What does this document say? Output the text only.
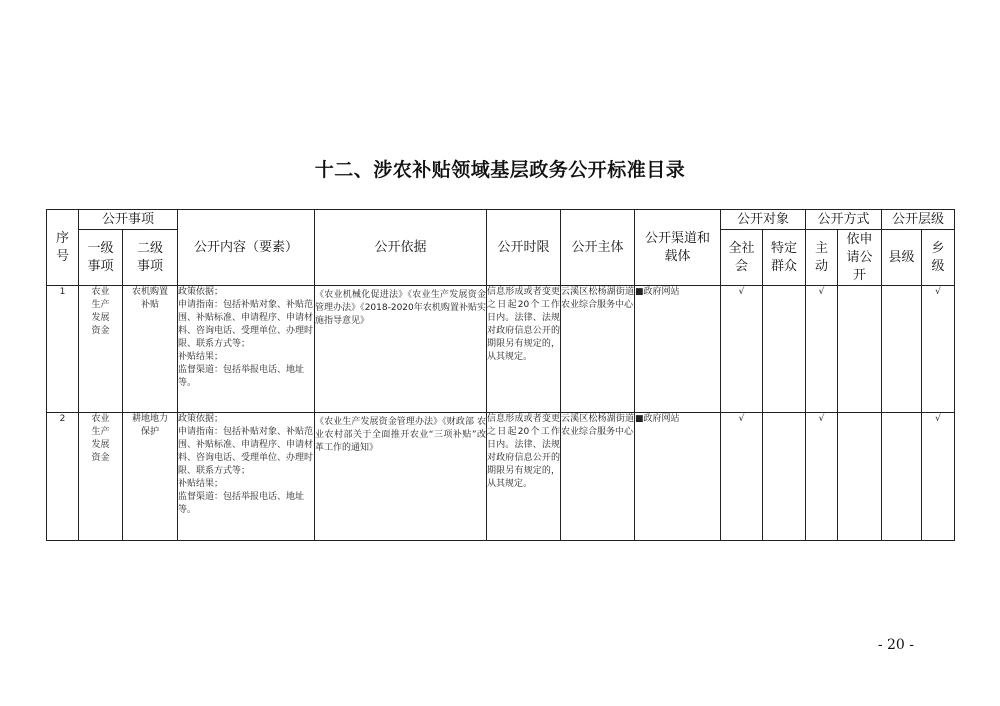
十二、涉农补贴领域基层政务公开标准目录
序号	公开事项		公开内容（要素）	公开依据	公开时限	公开主体	公开渠道和载体	公开对象		公开方式		公开层级	
	一级事项	二级事项						全社会	特定群众	主动	依申请公开	县级	乡级
1	农业生产发展资金	农机购置补贴	政策依据；
申请指南：包括补贴对象、补贴范围、补贴标准、申请程序、申请材料、咨询电话、受理单位、办理时限、联系方式等；
补贴结果；
监督渠道：包括举报电话、地址等。	《农业机械化促进法》《农业生产发展资金管理办法》《2018-2020年农机购置补贴实施指导意见》	信息形成或者变更之日起20个工作日内。法律、法规对政府信息公开的期限另有规定的，从其规定。	云溪区松杨湖街道农业综合服务中心	■政府网站	√		√			√
2	农业生产发展资金	耕地地力保护	政策依据；
申请指南：包括补贴对象、补贴范围、补贴标准、申请程序、申请材料、咨询电话、受理单位、办理时限、联系方式等；
补贴结果；
监督渠道：包括举报电话、地址等。	《农业生产发展资金管理办法》《财政部 农业农村部关于全面推开农业“三项补贴”改革工作的通知》	信息形成或者变更之日起20个工作日内。法律、法规对政府信息公开的期限另有规定的，从其规定。	云溪区松杨湖街道农业综合服务中心	■政府网站	√		√			√
- 20 -
